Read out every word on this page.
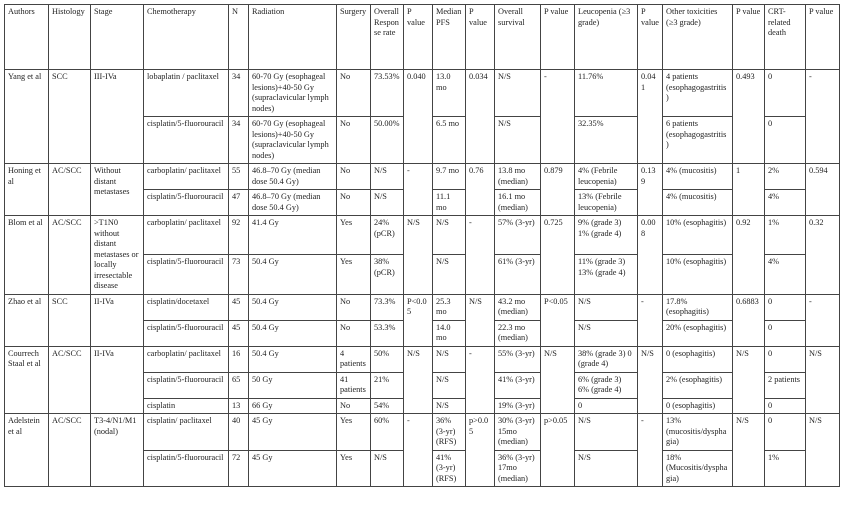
Authors	Histology	Stage	Chemotherapy	N	Radiation	Surgery	Overall Response rate	P value	Median PFS	P value	Overall survival	P value	Leucopenia (≥3 grade)	P value	Other toxicities (≥3 grade)	P value	CRT-related death	P value
Yang et al	SCC	III-IVa	lobaplatin / paclitaxel	34	60-70 Gy (esophageal lesions)+40-50 Gy (supraclavicular lymph nodes)	No	73.53%	0.040	13.0 mo	0.034	N/S	-	11.76%	0.041	4 patients (esophagogastritis)	0.493	0	-
			cisplatin/5-fluorouracil	34	60-70 Gy (esophageal lesions)+40-50 Gy (supraclavicular lymph nodes)	No	50.00%		6.5 mo		N/S		32.35%		6 patients (esophagogastritis)		0	
Honing et al	AC/SCC	Without distant metastases	carboplatin/ paclitaxel	55	46.8–70 Gy (median dose 50.4 Gy)	No	N/S	-	9.7 mo	0.76	13.8 mo (median)	0.879	4% (Febrile leucopenia)	0.139	4% (mucositis)	1	2%	0.594
			cisplatin/5-fluorouracil	47	46.8–70 Gy (median dose 50.4 Gy)	No	N/S		11.1 mo		16.1 mo (median)		13% (Febrile leucopenia)		4% (mucositis)		4%	
Blom et al	AC/SCC	>T1N0 without distant metastases or locally irresectable disease	carboplatin/ paclitaxel	92	41.4 Gy	Yes	24% (pCR)	N/S	N/S	-	57% (3-yr)	0.725	9% (grade 3) 1% (grade 4)	0.008	10% (esophagitis)	0.92	1%	0.32
			cisplatin/5-fluorouracil	73	50.4 Gy	Yes	38% (pCR)		N/S		61% (3-yr)		11% (grade 3) 13% (grade 4)		10% (esophagitis)		4%	
Zhao et al	SCC	II-IVa	cisplatin/docetaxel	45	50.4 Gy	No	73.3%	P<0.05	25.3 mo	N/S	43.2 mo (median)	P<0.05	N/S	-	17.8% (esophagitis)	0.6883	0	-
			cisplatin/5-fluorouracil	45	50.4 Gy	No	53.3%		14.0 mo		22.3 mo (median)		N/S		20% (esophagitis)		0	
Courrech Staal et al	AC/SCC	II-IVa	carboplatin/ paclitaxel	16	50.4 Gy	4 patients	50%	N/S	N/S	-	55% (3-yr)	N/S	38% (grade 3) 0 (grade 4)	N/S	0 (esophagitis)	N/S	0	N/S
			cisplatin/5-fluorouracil	65	50 Gy	41 patients	21%		N/S		41% (3-yr)		6% (grade 3) 6% (grade 4)		2% (esophagitis)		2 patients	
			cisplatin	13	66 Gy	No	54%		N/S		19% (3-yr)		0		0 (esophagitis)		0	
Adelstein et al	AC/SCC	T3-4/N1/M1 (nodal)	cisplatin/ paclitaxel	40	45 Gy	Yes	60%	-	36% (3-yr) (RFS)	p>0.05	30% (3-yr) 15mo (median)	p>0.05	N/S	-	13% (mucositis/dysphagia)	N/S	0	N/S
			cisplatin/5-fluorouracil	72	45 Gy	Yes	N/S		41% (3-yr) (RFS)		36% (3-yr) 17mo (median)		N/S		18% (Mucositis/dysphagia)		1%	
